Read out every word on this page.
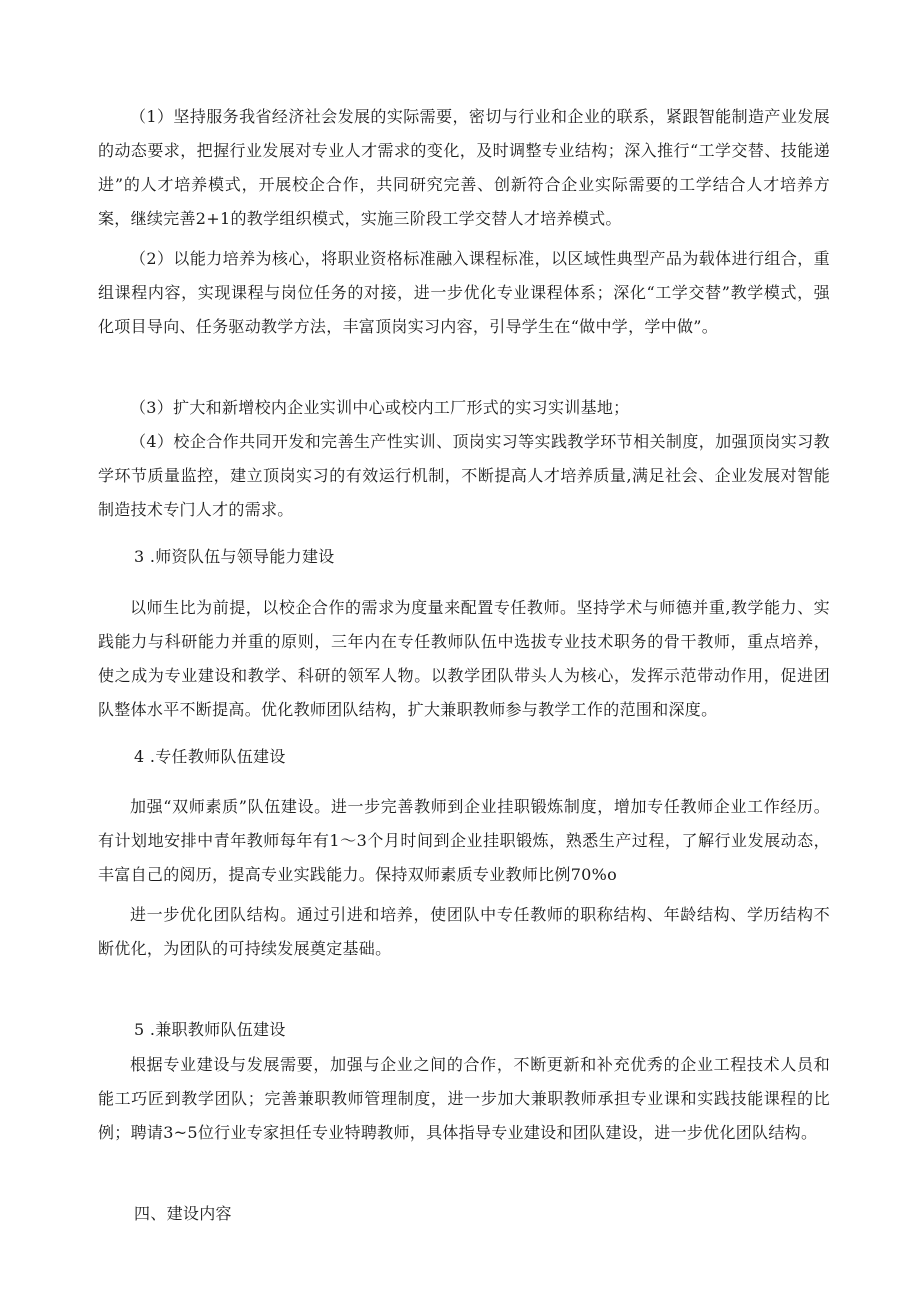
（1）坚持服务我省经济社会发展的实际需要，密切与行业和企业的联系，紧跟智能制造产业发展的动态要求，把握行业发展对专业人才需求的变化，及时调整专业结构；深入推行“工学交替、技能递进”的人才培养模式，开展校企合作，共同研究完善、创新符合企业实际需要的工学结合人才培养方案，继续完善2+1的教学组织模式，实施三阶段工学交替人才培养模式。

（2）以能力培养为核心，将职业资格标准融入课程标准，以区域性典型产品为载体进行组合，重组课程内容，实现课程与岗位任务的对接，进一步优化专业课程体系；深化“工学交替”教学模式，强化项目导向、任务驱动教学方法，丰富顶岗实习内容，引导学生在“做中学，学中做”。

（3）扩大和新增校内企业实训中心或校内工厂形式的实习实训基地；

（4）校企合作共同开发和完善生产性实训、顶岗实习等实践教学环节相关制度，加强顶岗实习教学环节质量监控，建立顶岗实习的有效运行机制，不断提高人才培养质量,满足社会、企业发展对智能制造技术专门人才的需求。

3 .师资队伍与领导能力建设

以师生比为前提，以校企合作的需求为度量来配置专任教师。坚持学术与师德并重,教学能力、实践能力与科研能力并重的原则，三年内在专任教师队伍中选拔专业技术职务的骨干教师，重点培养，使之成为专业建设和教学、科研的领军人物。以教学团队带头人为核心，发挥示范带动作用，促进团队整体水平不断提高。优化教师团队结构，扩大兼职教师参与教学工作的范围和深度。

4 .专任教师队伍建设

加强“双师素质”队伍建设。进一步完善教师到企业挂职锻炼制度，增加专任教师企业工作经历。有计划地安排中青年教师每年有1～3个月时间到企业挂职锻炼，熟悉生产过程，了解行业发展动态，丰富自己的阅历，提高专业实践能力。保持双师素质专业教师比例70%o

进一步优化团队结构。通过引进和培养，使团队中专任教师的职称结构、年龄结构、学历结构不断优化，为团队的可持续发展奠定基础。

5 .兼职教师队伍建设

根据专业建设与发展需要，加强与企业之间的合作，不断更新和补充优秀的企业工程技术人员和能工巧匠到教学团队；完善兼职教师管理制度，进一步加大兼职教师承担专业课和实践技能课程的比例；聘请3~5位行业专家担任专业特聘教师，具体指导专业建设和团队建设，进一步优化团队结构。

四、建设内容
